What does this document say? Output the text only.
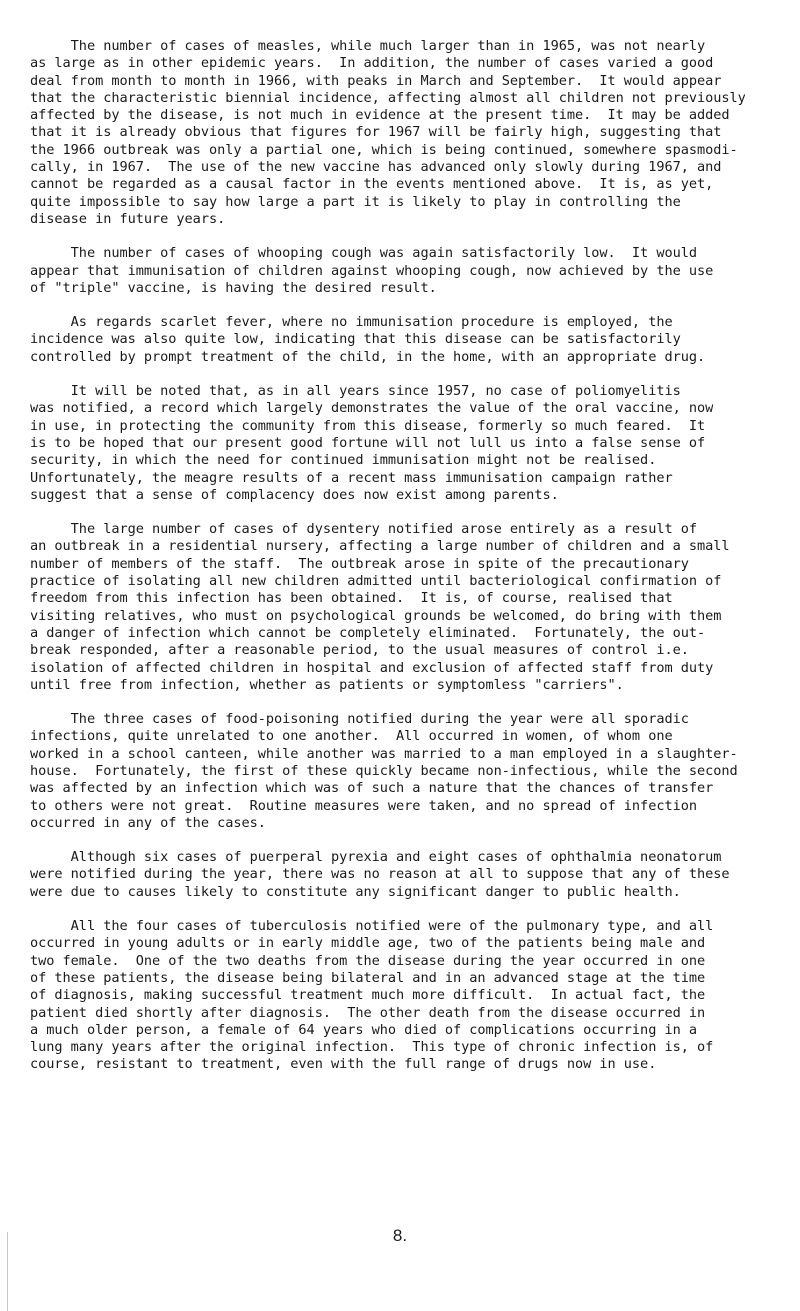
The number of cases of measles, while much larger than in 1965, was not nearly
as large as in other epidemic years.  In addition, the number of cases varied a good
deal from month to month in 1966, with peaks in March and September.  It would appear
that the characteristic biennial incidence, affecting almost all children not previously
affected by the disease, is not much in evidence at the present time.  It may be added
that it is already obvious that figures for 1967 will be fairly high, suggesting that
the 1966 outbreak was only a partial one, which is being continued, somewhere spasmodi-
cally, in 1967.  The use of the new vaccine has advanced only slowly during 1967, and
cannot be regarded as a causal factor in the events mentioned above.  It is, as yet,
quite impossible to say how large a part it is likely to play in controlling the
disease in future years.
The number of cases of whooping cough was again satisfactorily low.  It would
appear that immunisation of children against whooping cough, now achieved by the use
of "triple" vaccine, is having the desired result.
As regards scarlet fever, where no immunisation procedure is employed, the
incidence was also quite low, indicating that this disease can be satisfactorily
controlled by prompt treatment of the child, in the home, with an appropriate drug.
It will be noted that, as in all years since 1957, no case of poliomyelitis
was notified, a record which largely demonstrates the value of the oral vaccine, now
in use, in protecting the community from this disease, formerly so much feared.  It
is to be hoped that our present good fortune will not lull us into a false sense of
security, in which the need for continued immunisation might not be realised.
Unfortunately, the meagre results of a recent mass immunisation campaign rather
suggest that a sense of complacency does now exist among parents.
The large number of cases of dysentery notified arose entirely as a result of
an outbreak in a residential nursery, affecting a large number of children and a small
number of members of the staff.  The outbreak arose in spite of the precautionary
practice of isolating all new children admitted until bacteriological confirmation of
freedom from this infection has been obtained.  It is, of course, realised that
visiting relatives, who must on psychological grounds be welcomed, do bring with them
a danger of infection which cannot be completely eliminated.  Fortunately, the out-
break responded, after a reasonable period, to the usual measures of control i.e.
isolation of affected children in hospital and exclusion of affected staff from duty
until free from infection, whether as patients or symptomless "carriers".
The three cases of food-poisoning notified during the year were all sporadic
infections, quite unrelated to one another.  All occurred in women, of whom one
worked in a school canteen, while another was married to a man employed in a slaughter-
house.  Fortunately, the first of these quickly became non-infectious, while the second
was affected by an infection which was of such a nature that the chances of transfer
to others were not great.  Routine measures were taken, and no spread of infection
occurred in any of the cases.
Although six cases of puerperal pyrexia and eight cases of ophthalmia neonatorum
were notified during the year, there was no reason at all to suppose that any of these
were due to causes likely to constitute any significant danger to public health.
All the four cases of tuberculosis notified were of the pulmonary type, and all
occurred in young adults or in early middle age, two of the patients being male and
two female.  One of the two deaths from the disease during the year occurred in one
of these patients, the disease being bilateral and in an advanced stage at the time
of diagnosis, making successful treatment much more difficult.  In actual fact, the
patient died shortly after diagnosis.  The other death from the disease occurred in
a much older person, a female of 64 years who died of complications occurring in a
lung many years after the original infection.  This type of chronic infection is, of
course, resistant to treatment, even with the full range of drugs now in use.
8.
